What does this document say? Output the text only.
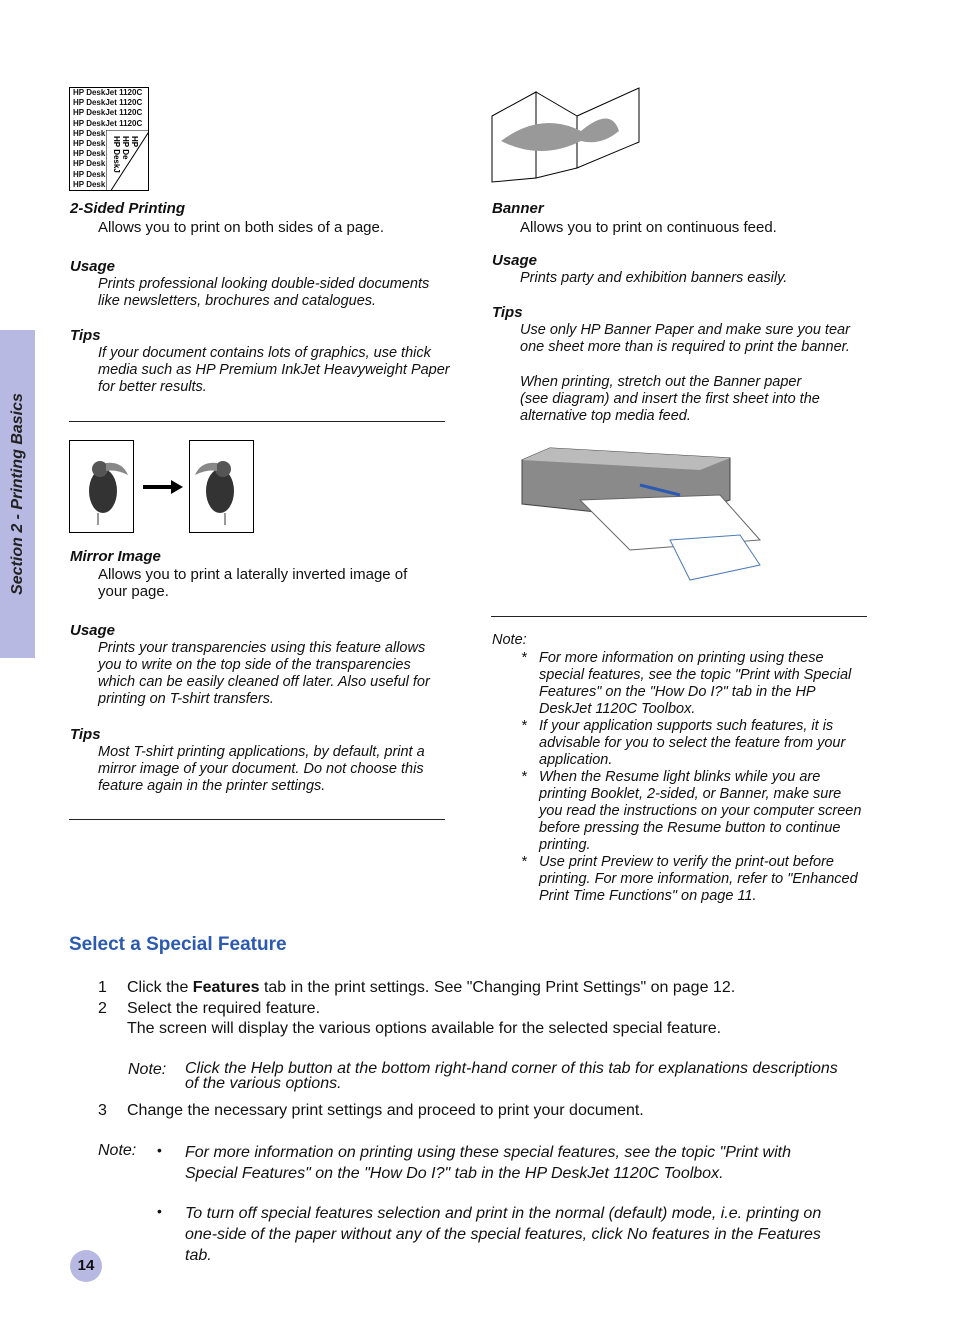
Section 2 - Printing Basics
HP DeskJet 1120C
HP DeskJet 1120C
HP DeskJet 1120C
HP DeskJet 1120C
HP Desk
HP Desk
HP Desk
HP Desk
HP Desk
HP Desk
HP DeskJ HP De HP
2-Sided Printing
Allows you to print on both sides of a page.
Usage
Prints professional looking double-sided documents like newsletters, brochures and catalogues.
Tips
If your document contains lots of graphics, use thick media such as HP Premium InkJet Heavyweight Paper for better results.
Mirror Image
Allows you to print a laterally inverted image of your page.
Usage
Prints your transparencies using this feature allows you to write on the top side of the transparencies which can be easily cleaned off later. Also useful for printing on T-shirt transfers.
Tips
Most T-shirt printing applications, by default, print a mirror image of your document. Do not choose this feature again in the printer settings.
Banner
Allows you to print on continuous feed.
Usage
Prints party and exhibition banners easily.
Tips
Use only HP Banner Paper and make sure you tear one sheet more than is required to print the banner.
When printing, stretch out the Banner paper (see diagram) and insert the first sheet into the alternative top media feed.
Note:
* For more information on printing using these special features, see the topic "Print with Special Features" on the "How Do I?" tab in the HP DeskJet 1120C Toolbox.
* If your application supports such features, it is advisable for you to select the feature from your application.
* When the Resume light blinks while you are printing Booklet, 2-sided, or Banner, make sure you read the instructions on your computer screen before pressing the Resume button to continue printing.
* Use print Preview to verify the print-out before printing. For more information, refer to "Enhanced Print Time Functions" on page 11.
Select a Special Feature
1 Click the Features tab in the print settings. See "Changing Print Settings" on page 12.
2 Select the required feature.
The screen will display the various options available for the selected special feature.
Note: Click the Help button at the bottom right-hand corner of this tab for explanations descriptions of the various options.
3 Change the necessary print settings and proceed to print your document.
Note: • For more information on printing using these special features, see the topic "Print with Special Features" on the "How Do I?" tab in the HP DeskJet 1120C Toolbox.
• To turn off special features selection and print in the normal (default) mode, i.e. printing on one-side of the paper without any of the special features, click No features in the Features tab.
14
